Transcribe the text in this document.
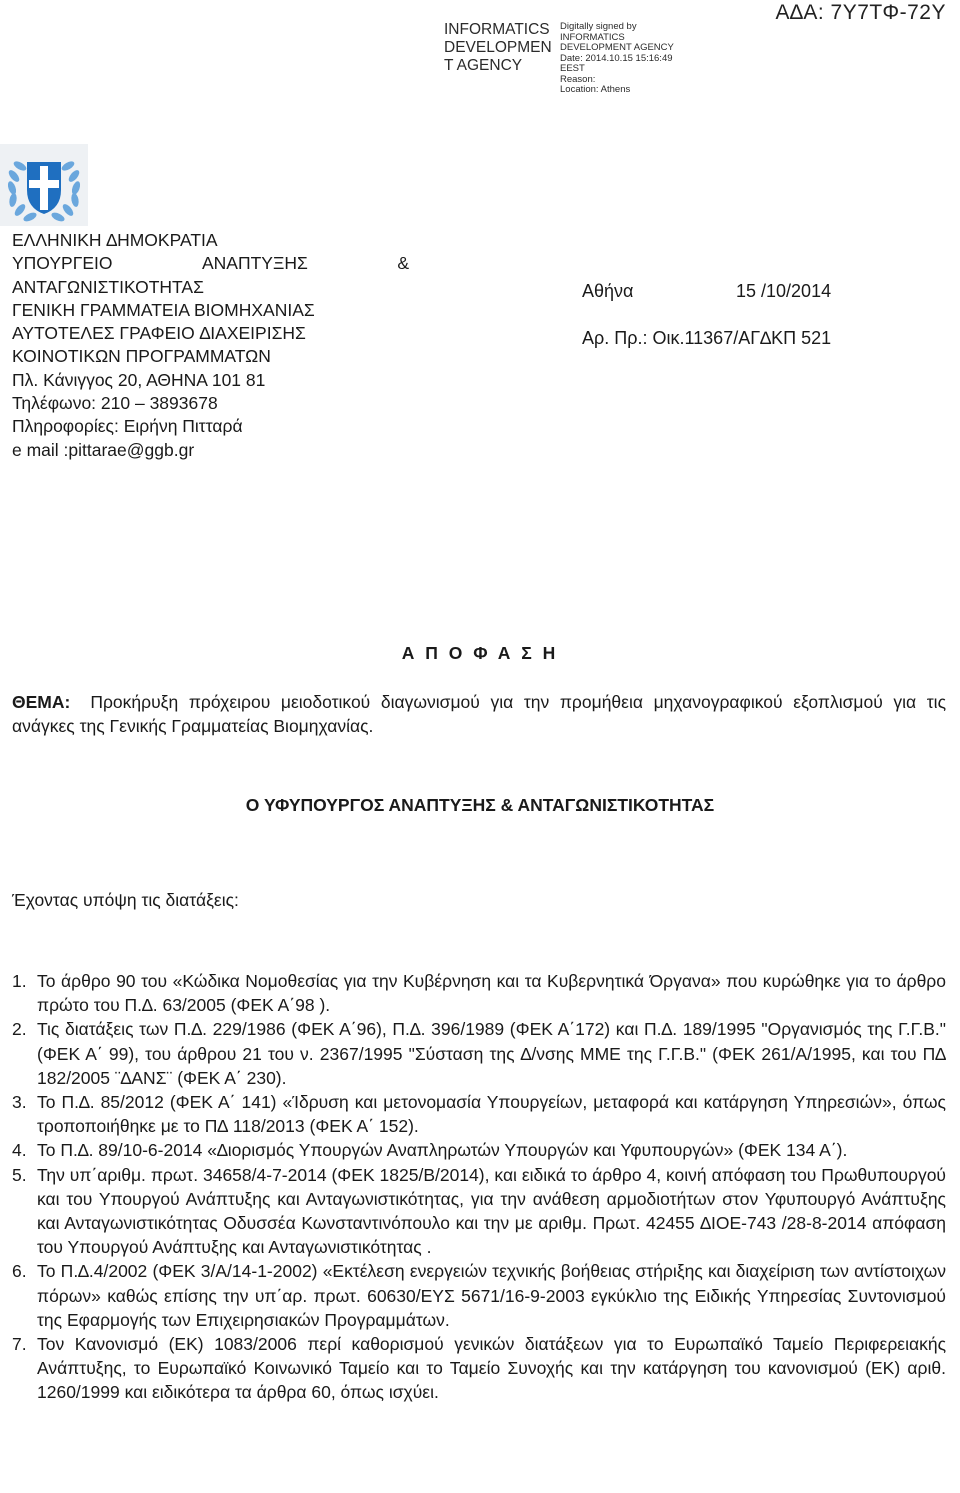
INFORMATICS
DEVELOPMEN
T AGENCY
Digitally signed by
INFORMATICS
DEVELOPMENT AGENCY
Date: 2014.10.15 15:16:49
EEST
Reason:
Location: Athens
Α∆Α: 7Υ7ΤΦ-72Υ
ΕΛΛΗΝΙΚΗ ∆ΗΜΟΚΡΑΤΙΑ
ΥΠΟΥΡΓΕΙΟ	ΑΝΑΠΤΥΞΗΣ	&
ΑΝΤΑΓΩΝΙΣΤΙΚΟΤΗΤΑΣ
ΓΕΝΙΚΗ ΓΡΑΜΜΑΤΕΙΑ ΒΙΟΜΗΧΑΝΙΑΣ
ΑΥΤΟΤΕΛΕΣ ΓΡΑΦΕΙΟ ∆ΙΑΧΕΙΡΙΣΗΣ
ΚΟΙΝΟΤΙΚΩΝ ΠΡΟΓΡΑΜΜΑΤΩΝ
Πλ. Κάνιγγος 20, ΑΘΗΝΑ 101 81
Τηλέφωνο: 210 – 3893678
Πληροφορίες: Ειρήνη Πιτταρά
e mail :pittarae@ggb.gr
Αθήνα	15 /10/2014
Αρ. Πρ.: Οικ.11367/ΑΓ∆ΚΠ 521
Α Π Ο Φ Α Σ Η
ΘΕΜΑ: Προκήρυξη πρόχειρου μειοδοτικού διαγωνισμού για την προμήθεια μηχανογραφικού εξοπλισμού για τις ανάγκες της Γενικής Γραμματείας Βιομηχανίας.
Ο ΥΦΥΠΟΥΡΓΟΣ ΑΝΑΠΤΥΞΗΣ & ΑΝΤΑΓΩΝΙΣΤΙΚΟΤΗΤΑΣ
Έχοντας υπόψη τις διατάξεις:
1. Το άρθρο 90 του «Κώδικα Νομοθεσίας για την Κυβέρνηση και τα Κυβερνητικά Όργανα» που κυρώθηκε για το άρθρο πρώτο του Π.∆. 63/2005 (ΦΕΚ Α΄98 ).
2. Τις διατάξεις των Π.∆. 229/1986 (ΦΕΚ Α΄96), Π.∆. 396/1989 (ΦΕΚ Α΄172) και Π.∆. 189/1995 "Οργανισμός της Γ.Γ.Β." (ΦΕΚ Α΄ 99), του άρθρου 21 του ν. 2367/1995 "Σύσταση της ∆/νσης ΜΜΕ της Γ.Γ.Β." (ΦΕΚ 261/Α/1995, και του Π∆ 182/2005 ¨∆ΑΝΣ¨ (ΦΕΚ Α΄ 230).
3. Το Π.∆. 85/2012 (ΦΕΚ Α΄ 141) «Ίδρυση και μετονομασία Υπουργείων, μεταφορά και κατάργηση Υπηρεσιών», όπως τροποποιήθηκε με το Π∆ 118/2013 (ΦΕΚ Α΄ 152).
4. Το Π.∆. 89/10-6-2014 «∆ιορισμός Υπουργών Αναπληρωτών Υπουργών και Υφυπουργών» (ΦΕΚ 134 Α΄).
5. Την υπ΄αριθμ. πρωτ. 34658/4-7-2014 (ΦΕΚ 1825/Β/2014), και ειδικά το άρθρο 4, κοινή απόφαση του Πρωθυπουργού και του Υπουργού Ανάπτυξης και Ανταγωνιστικότητας, για την ανάθεση αρμοδιοτήτων στον Υφυπουργό Ανάπτυξης και Ανταγωνιστικότητας Οδυσσέα Κωνσταντινόπουλο και την με αριθμ. Πρωτ. 42455 ∆ΙΟΕ-743 /28-8-2014 απόφαση του Υπουργού Ανάπτυξης και Ανταγωνιστικότητας .
6. Το Π.∆.4/2002 (ΦΕΚ 3/Α/14-1-2002) «Εκτέλεση ενεργειών τεχνικής βοήθειας στήριξης και διαχείριση των αντίστοιχων πόρων» καθώς επίσης την υπ΄αρ. πρωτ. 60630/ΕΥΣ 5671/16-9-2003 εγκύκλιο της Ειδικής Υπηρεσίας Συντονισμού της Εφαρμογής των Επιχειρησιακών Προγραμμάτων.
7. Τον Κανονισμό (ΕΚ) 1083/2006 περί καθορισμού γενικών διατάξεων για το Ευρωπαϊκό Ταμείο Περιφερειακής Ανάπτυξης, το Ευρωπαϊκό Κοινωνικό Ταμείο και το Ταμείο Συνοχής και την κατάργηση του κανονισμού (ΕΚ) αριθ. 1260/1999 και ειδικότερα τα άρθρα 60, όπως ισχύει.
